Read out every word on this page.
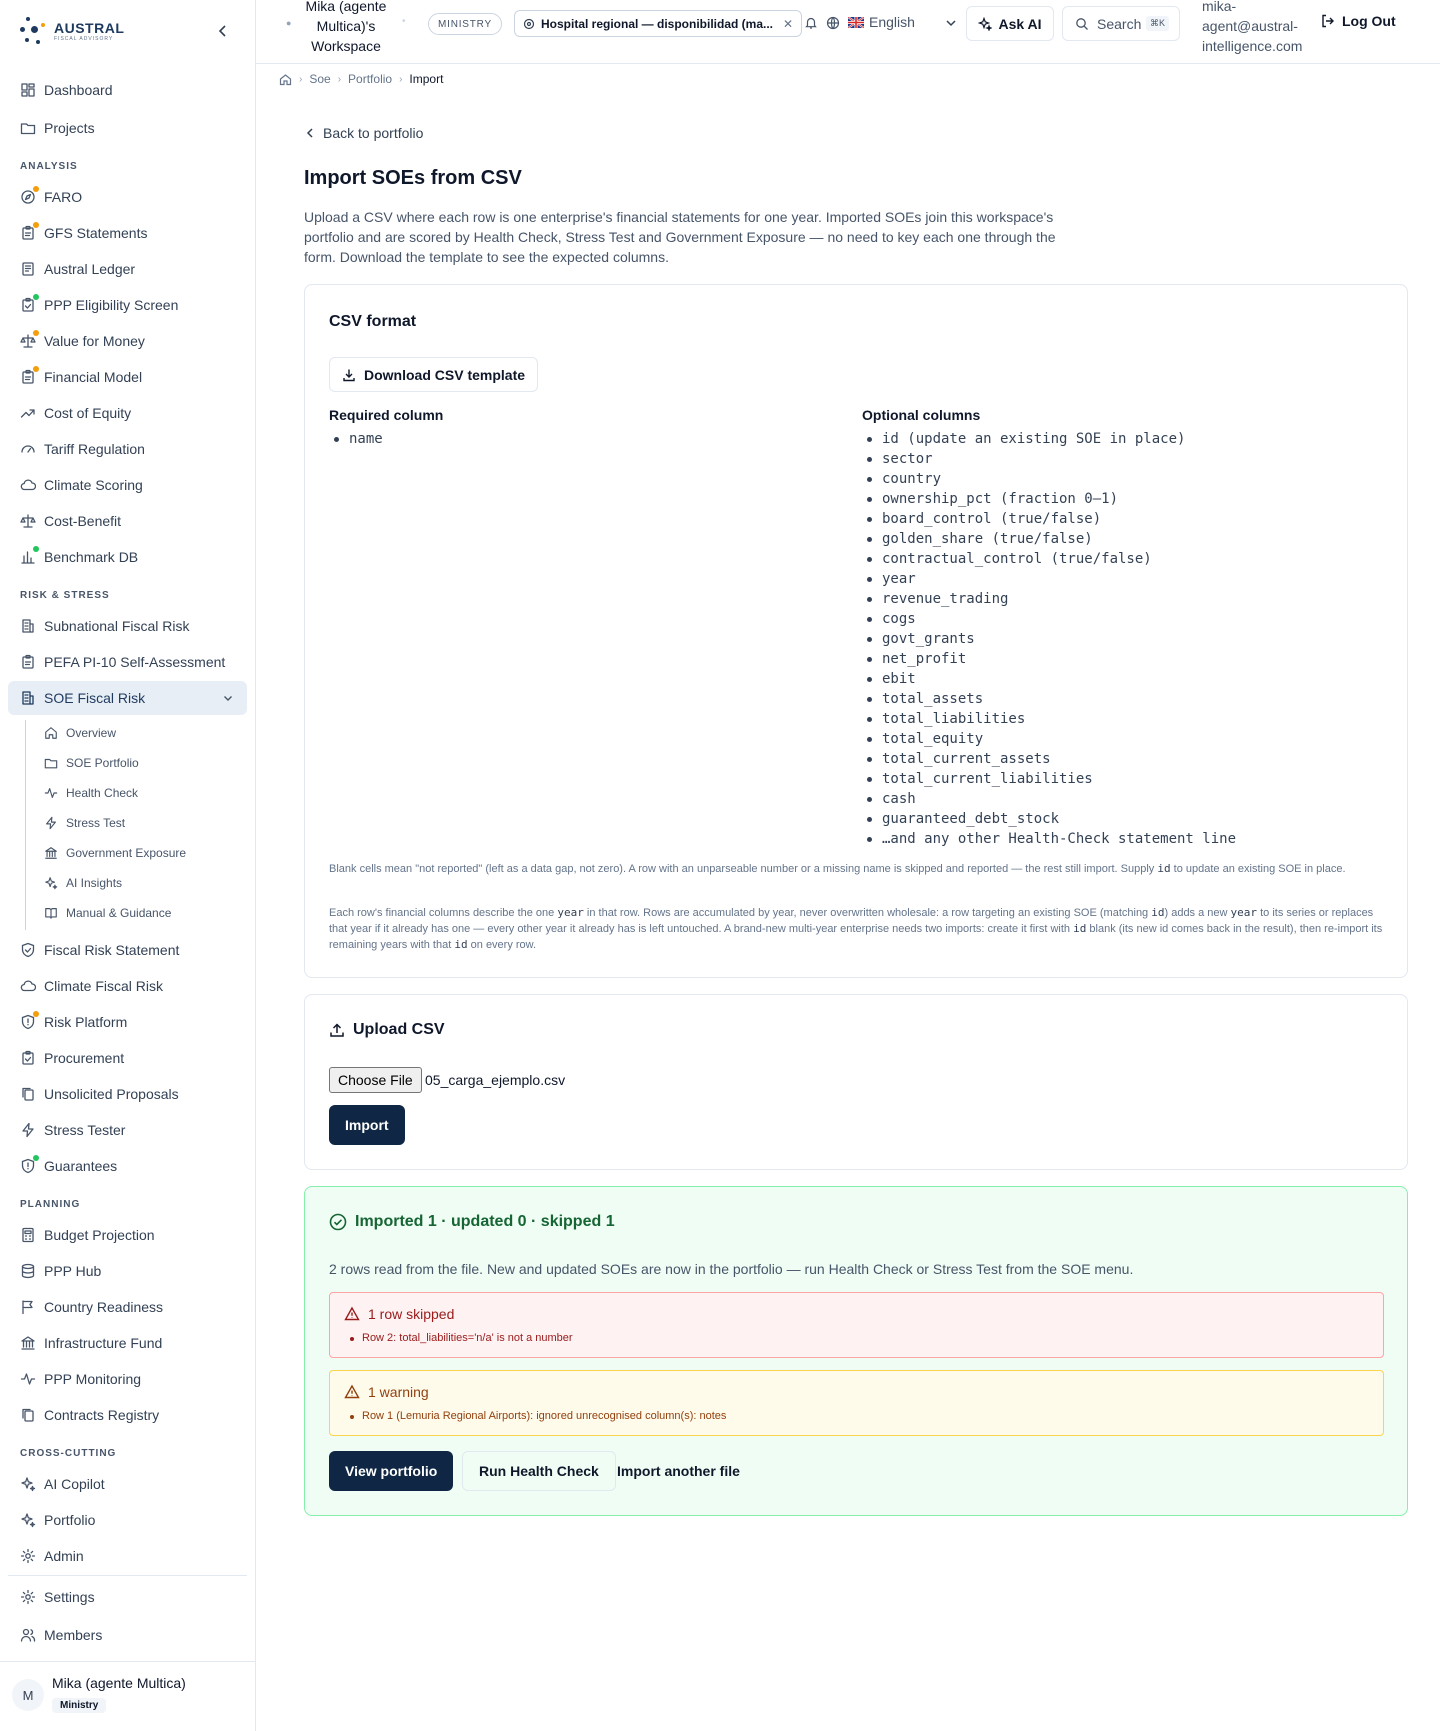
AUSTRAL
FISCAL ADVISORY
Dashboard
Projects
ANALYSIS
FARO
GFS Statements
Austral Ledger
PPP Eligibility Screen
Value for Money
Financial Model
Cost of Equity
Tariff Regulation
Climate Scoring
Cost-Benefit
Benchmark DB
RISK & STRESS
Subnational Fiscal Risk
PEFA PI-10 Self-Assessment
SOE Fiscal Risk
Overview
SOE Portfolio
Health Check
Stress Test
Government Exposure
AI Insights
Manual & Guidance
Fiscal Risk Statement
Climate Fiscal Risk
Risk Platform
Procurement
Unsolicited Proposals
Stress Tester
Guarantees
PLANNING
Budget Projection
PPP Hub
Country Readiness
Infrastructure Fund
PPP Monitoring
Contracts Registry
CROSS-CUTTING
AI Copilot
Portfolio
Admin
Settings
Members
M
Mika (agente Multica)
Ministry
●
Mika (agente Multica)'s Workspace
•	MINISTRY	Hospital regional — disponibilidad (ma... ✕	English	Ask AI	Search ⌘K
mika-agent@austral-intelligence.com
Log Out
› Soe › Portfolio › Import
Back to portfolio
Import SOEs from CSV

Upload a CSV where each row is one enterprise's financial statements for one year. Imported SOEs join this workspace's portfolio and are scored by Health Check, Stress Test and Government Exposure — no need to key each one through the form. Download the template to see the expected columns.

CSV format
Download CSV template
Required column
name
Optional columns
id (update an existing SOE in place)
sector
country
ownership_pct (fraction 0–1)
board_control (true/false)
golden_share (true/false)
contractual_control (true/false)
year
revenue_trading
cogs
govt_grants
net_profit
ebit
total_assets
total_liabilities
total_equity
total_current_assets
total_current_liabilities
cash
guaranteed_debt_stock
…and any other Health-Check statement line

Blank cells mean "not reported" (left as a data gap, not zero). A row with an unparseable number or a missing name is skipped and reported — the rest still import. Supply id to update an existing SOE in place.

Each row's financial columns describe the one year in that row. Rows are accumulated by year, never overwritten wholesale: a row targeting an existing SOE (matching id) adds a new year to its series or replaces that year if it already has one — every other year it already has is left untouched. A brand-new multi-year enterprise needs two imports: create it first with id blank (its new id comes back in the result), then re-import its remaining years with that id on every row.

Upload CSV
Choose File 05_carga_ejemplo.csv
Import
Imported 1 · updated 0 · skipped 1

2 rows read from the file. New and updated SOEs are now in the portfolio — run Health Check or Stress Test from the SOE menu.

1 row skipped
Row 2: total_liabilities='n/a' is not a number
1 warning
Row 1 (Lemuria Regional Airports): ignored unrecognised column(s): notes
View portfolio	Run Health Check	Import another file
